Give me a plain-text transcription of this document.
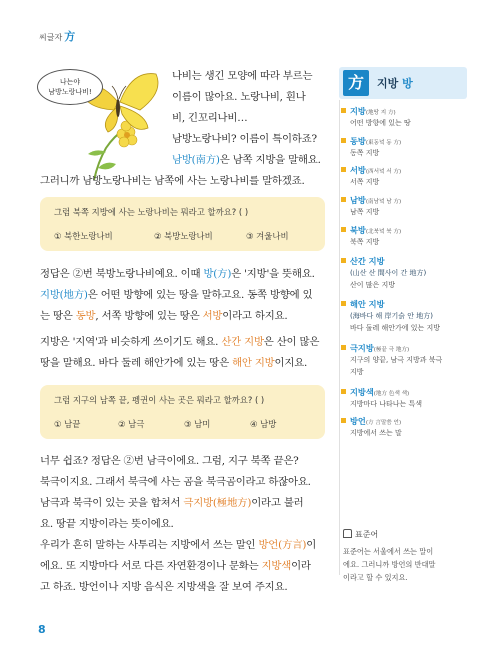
씨글자 方
나는야
남방노랑나비!
나비는 생긴 모양에 따라 부르는
이름이 많아요. 노랑나비, 흰나
비, 긴꼬리나비…
남방노랑나비? 이름이 특이하죠?
남방(南方)은 남쪽 지방을 말해요.
그러니까 남방노랑나비는 남쪽에 사는 노랑나비를 말하겠죠.
그럼 북쪽 지방에 사는 노랑나비는 뭐라고 할까요? ( )
① 북한노랑나비	② 북방노랑나비	③ 겨울나비
정답은 ②번 북방노랑나비예요. 이때 방(方)은 '지방'을 뜻해요.
지방(地方)은 어떤 방향에 있는 땅을 말하고요. 동쪽 방향에 있
는 땅은 동방, 서쪽 방향에 있는 땅은 서방이라고 하지요.
지방은 '지역'과 비슷하게 쓰이기도 해요. 산간 지방은 산이 많은
땅을 말해요. 바다 둘레 해안가에 있는 땅은 해안 지방이지요.
그럼 지구의 남쪽 끝, 펭귄이 사는 곳은 뭐라고 할까요? ( )
① 남끝	② 남극	③ 남미	④ 남방
너무 쉽죠? 정답은 ②번 남극이에요. 그럼, 지구 북쪽 끝은?
북극이지요. 그래서 북극에 사는 곰을 북극곰이라고 하잖아요.
남극과 북극이 있는 곳을 합쳐서 극지방(極地方)이라고 불러
요. 땅끝 지방이라는 뜻이에요.
우리가 흔히 말하는 사투리는 지방에서 쓰는 말인 방언(方言)이
에요. 또 지방마다 서로 다른 자연환경이나 문화는 지방색이라
고 하죠. 방언이나 지방 음식은 지방색을 잘 보여 주지요.
方	지방 방
지방(地땅 지 方)
어떤 방향에 있는 땅
동방(東동녘 동 方)
동쪽 지방
서방(西서녘 서 方)
서쪽 지방
남방(南남녘 남 方)
남쪽 지방
북방(北북녘 북 方)
북쪽 지방
산간 지방
(山산 산 間사이 간 地方)
산이 많은 지방
해안 지방
(海바다 해 岸기슭 안 地方)
바다 둘레 해안가에 있는 지방
극지방(極끝 극 地方)
지구의 양끝, 남극 지방과 북극
지방
지방색(地方 色색 색)
지방마다 나타나는 특색
방언(方 言말씀 언)
지방에서 쓰는 말
표준어
표준어는 서울에서 쓰는 말이
에요. 그러니까 방언의 반대말
이라고 할 수 있지요.
8
